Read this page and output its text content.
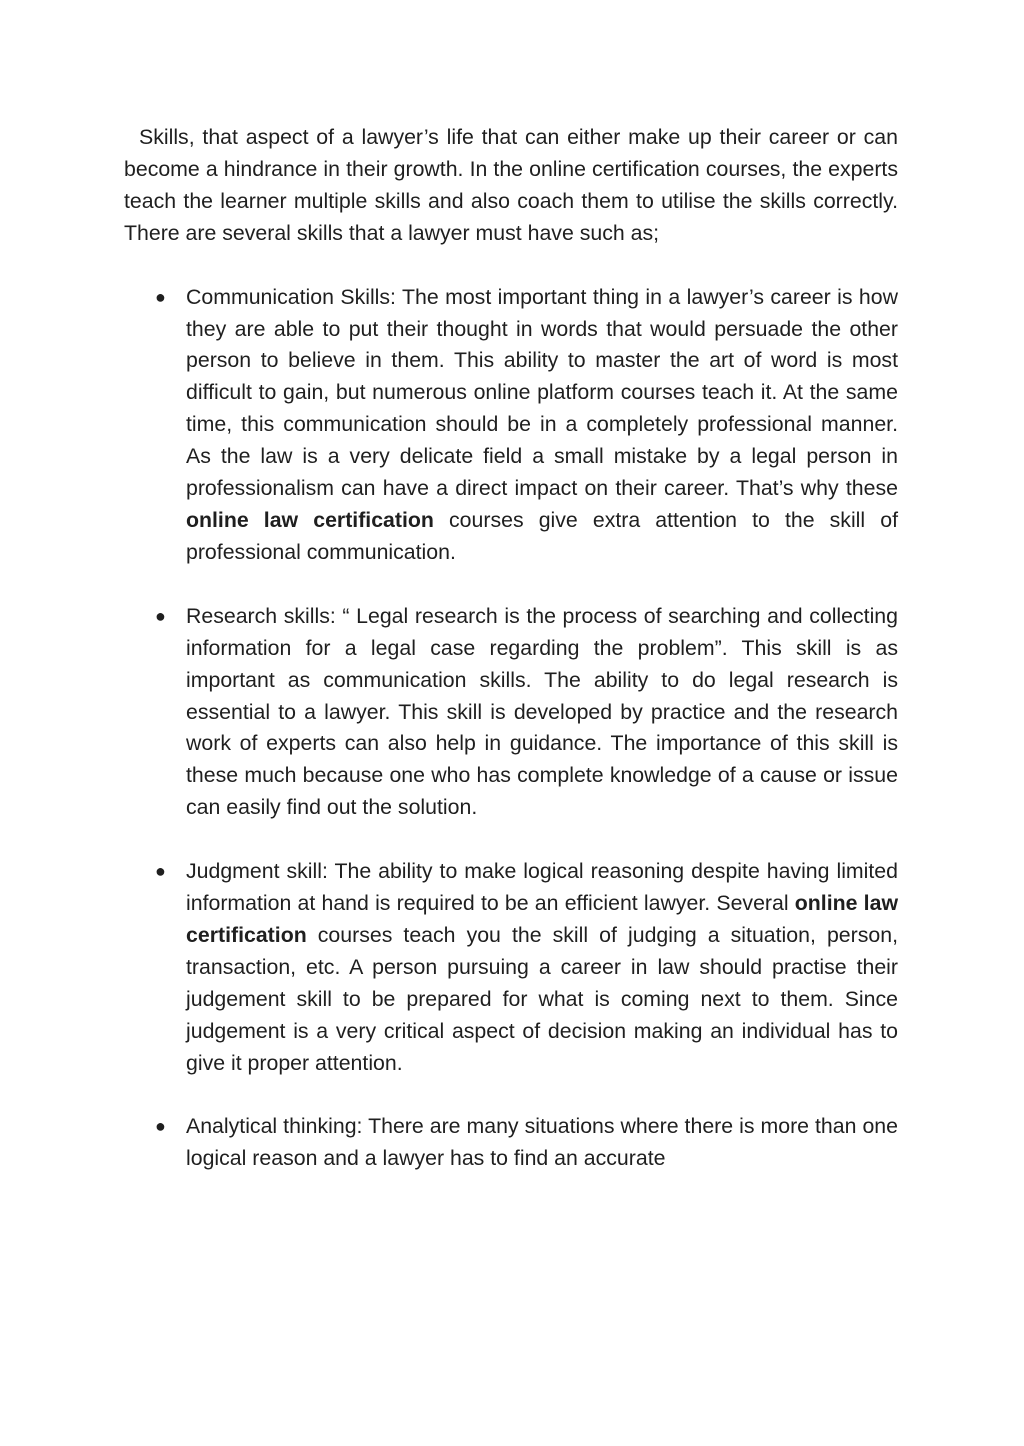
Skills, that aspect of a lawyer’s life that can either make up their career or can become a hindrance in their growth. In the online certification courses, the experts teach the learner multiple skills and also coach them to utilise the skills correctly. There are several skills that a lawyer must have such as;

● Communication Skills: The most important thing in a lawyer’s career is how they are able to put their thought in words that would persuade the other person to believe in them. This ability to master the art of word is most difficult to gain, but numerous online platform courses teach it. At the same time, this communication should be in a completely professional manner. As the law is a very delicate field a small mistake by a legal person in professionalism can have a direct impact on their career. That’s why these online law certification courses give extra attention to the skill of professional communication.
● Research skills: “ Legal research is the process of searching and collecting information for a legal case regarding the problem”. This skill is as important as communication skills. The ability to do legal research is essential to a lawyer. This skill is developed by practice and the research work of experts can also help in guidance. The importance of this skill is these much because one who has complete knowledge of a cause or issue can easily find out the solution.
● Judgment skill: The ability to make logical reasoning despite having limited information at hand is required to be an efficient lawyer. Several online law certification courses teach you the skill of judging a situation, person, transaction, etc. A person pursuing a career in law should practise their judgement skill to be prepared for what is coming next to them. Since judgement is a very critical aspect of decision making an individual has to give it proper attention.
● Analytical thinking: There are many situations where there is more than one logical reason and a lawyer has to find an accurate
